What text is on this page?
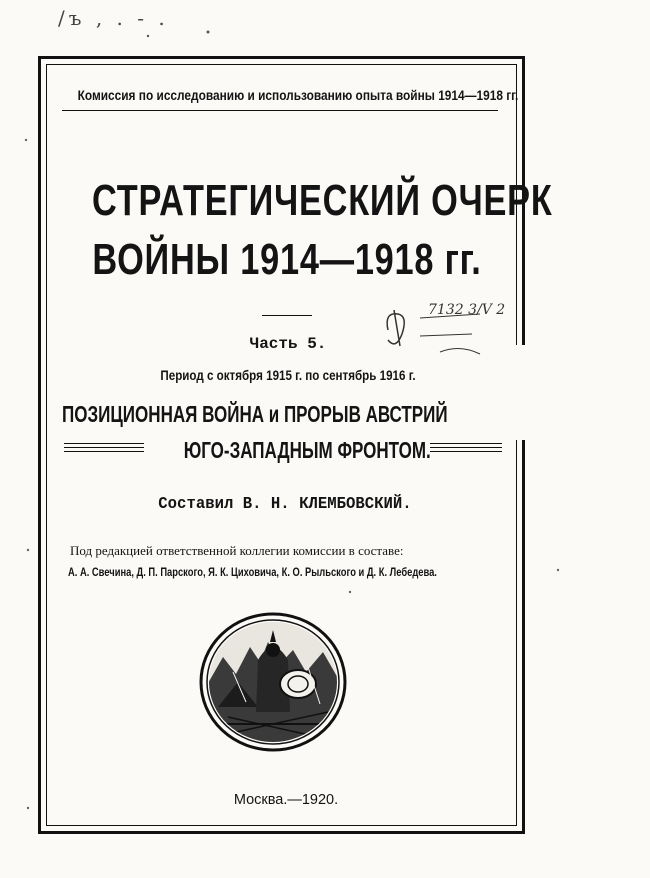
/ъ , . - .
Комиссия по исследованию и использованию опыта войны 1914—1918 гг.
СТРАТЕГИЧЕСКИЙ ОЧЕРК
ВОЙНЫ 1914—1918 гг.
Часть 5.
Период с октября 1915 г. по сентябрь 1916 г.
ПОЗИЦИОННАЯ ВОЙНА и ПРОРЫВ АВСТРИЙ
ЮГО-ЗАПАДНЫМ ФРОНТОМ.
Составил В. Н. КЛЕМБОВСКИЙ.
Под редакцией ответственной коллегии комиссии в составе:
А. А. Свечина, Д. П. Парского, Я. К. Циховича, К. О. Рыльского и Д. К. Лебедева.
Москва.—1920.
7132 3/V 2
